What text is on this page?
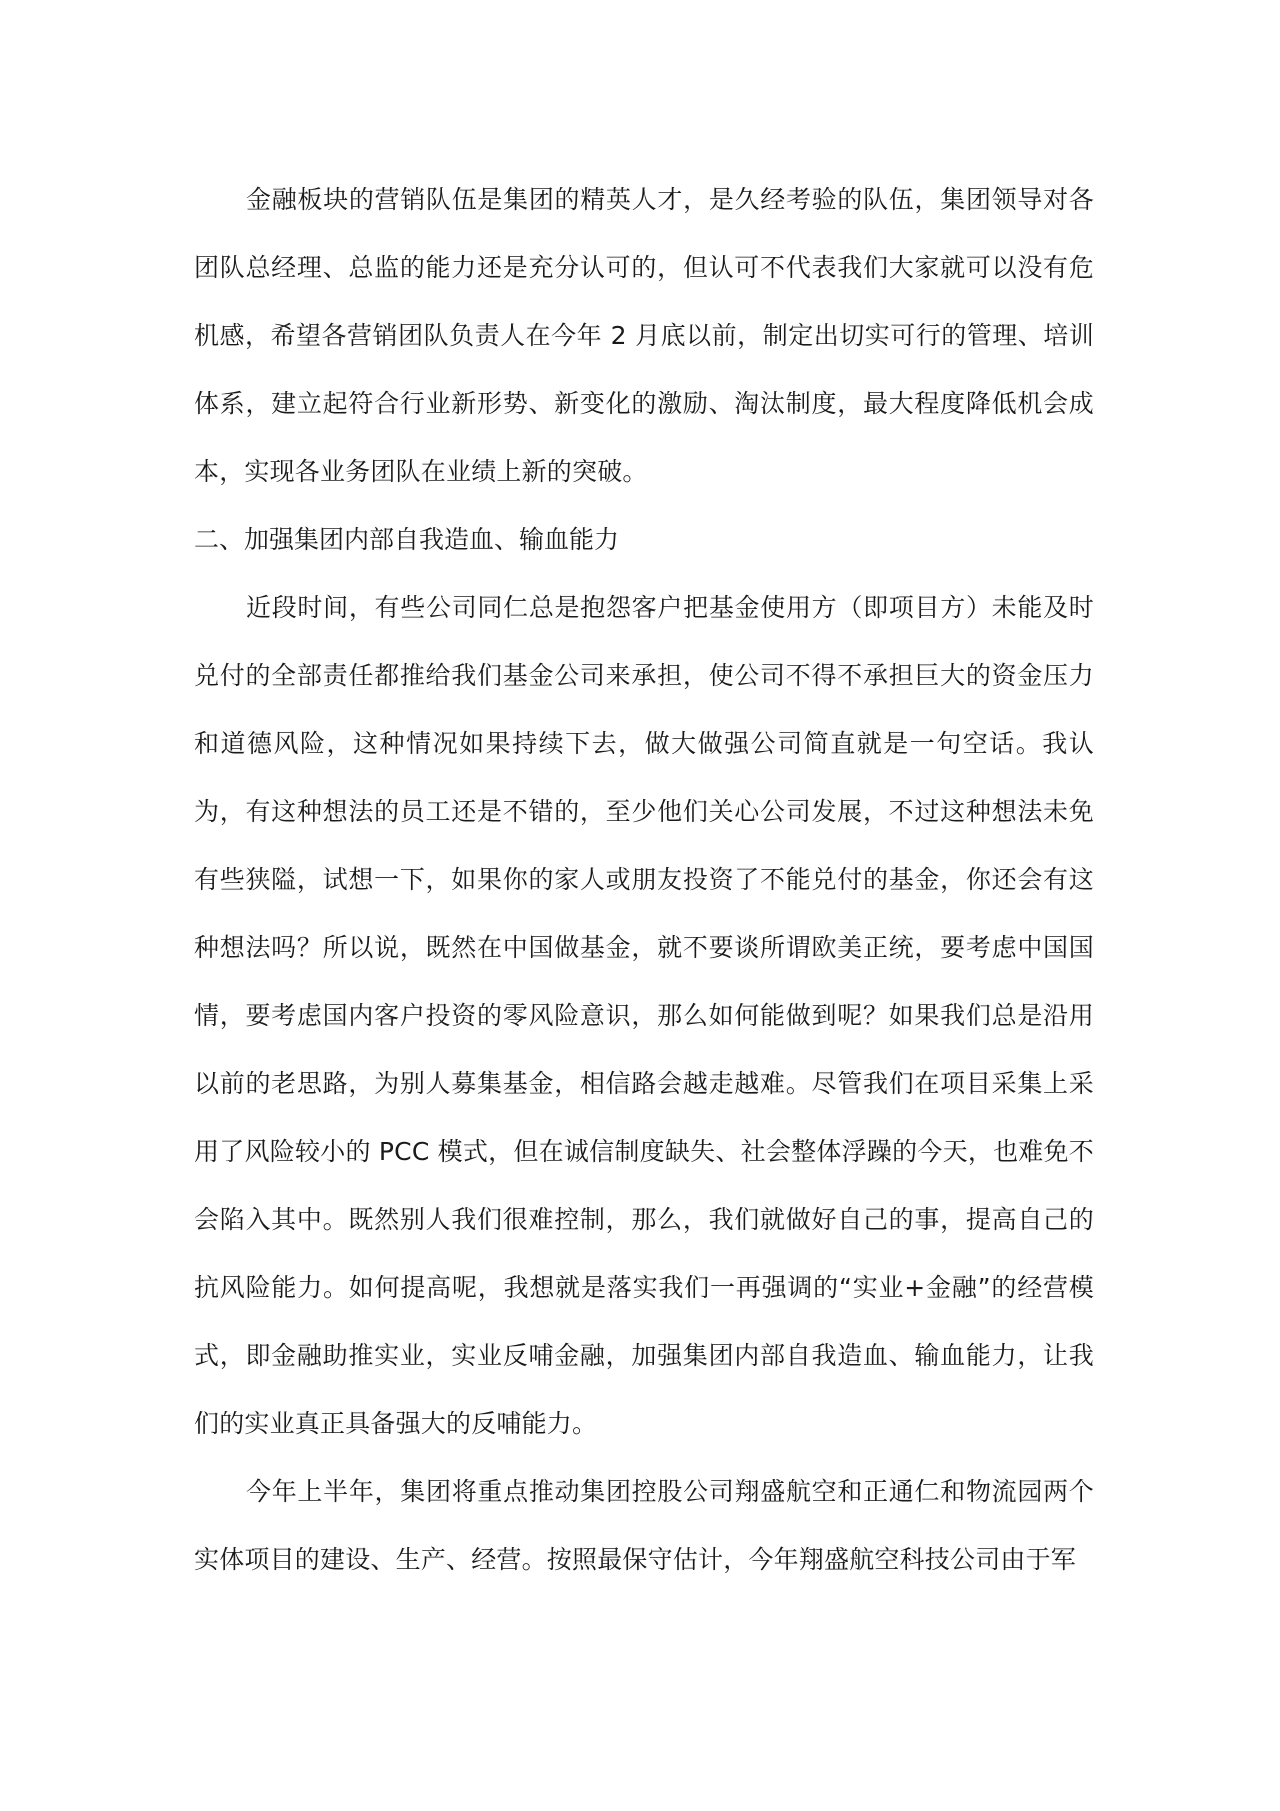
金融板块的营销队伍是集团的精英人才，是久经考验的队伍，集团领导对各团队总经理、总监的能力还是充分认可的，但认可不代表我们大家就可以没有危机感，希望各营销团队负责人在今年 2 月底以前，制定出切实可行的管理、培训体系，建立起符合行业新形势、新变化的激励、淘汰制度，最大程度降低机会成本，实现各业务团队在业绩上新的突破。

二、加强集团内部自我造血、输血能力

近段时间，有些公司同仁总是抱怨客户把基金使用方（即项目方）未能及时兑付的全部责任都推给我们基金公司来承担，使公司不得不承担巨大的资金压力和道德风险，这种情况如果持续下去，做大做强公司简直就是一句空话。我认为，有这种想法的员工还是不错的，至少他们关心公司发展，不过这种想法未免有些狭隘，试想一下，如果你的家人或朋友投资了不能兑付的基金，你还会有这种想法吗？所以说，既然在中国做基金，就不要谈所谓欧美正统，要考虑中国国情，要考虑国内客户投资的零风险意识，那么如何能做到呢？如果我们总是沿用以前的老思路，为别人募集基金，相信路会越走越难。尽管我们在项目采集上采用了风险较小的 PCC 模式，但在诚信制度缺失、社会整体浮躁的今天，也难免不会陷入其中。既然别人我们很难控制，那么，我们就做好自己的事，提高自己的抗风险能力。如何提高呢，我想就是落实我们一再强调的“实业+金融”的经营模式，即金融助推实业，实业反哺金融，加强集团内部自我造血、输血能力，让我们的实业真正具备强大的反哺能力。

今年上半年，集团将重点推动集团控股公司翔盛航空和正通仁和物流园两个实体项目的建设、生产、经营。按照最保守估计，今年翔盛航空科技公司由于军
